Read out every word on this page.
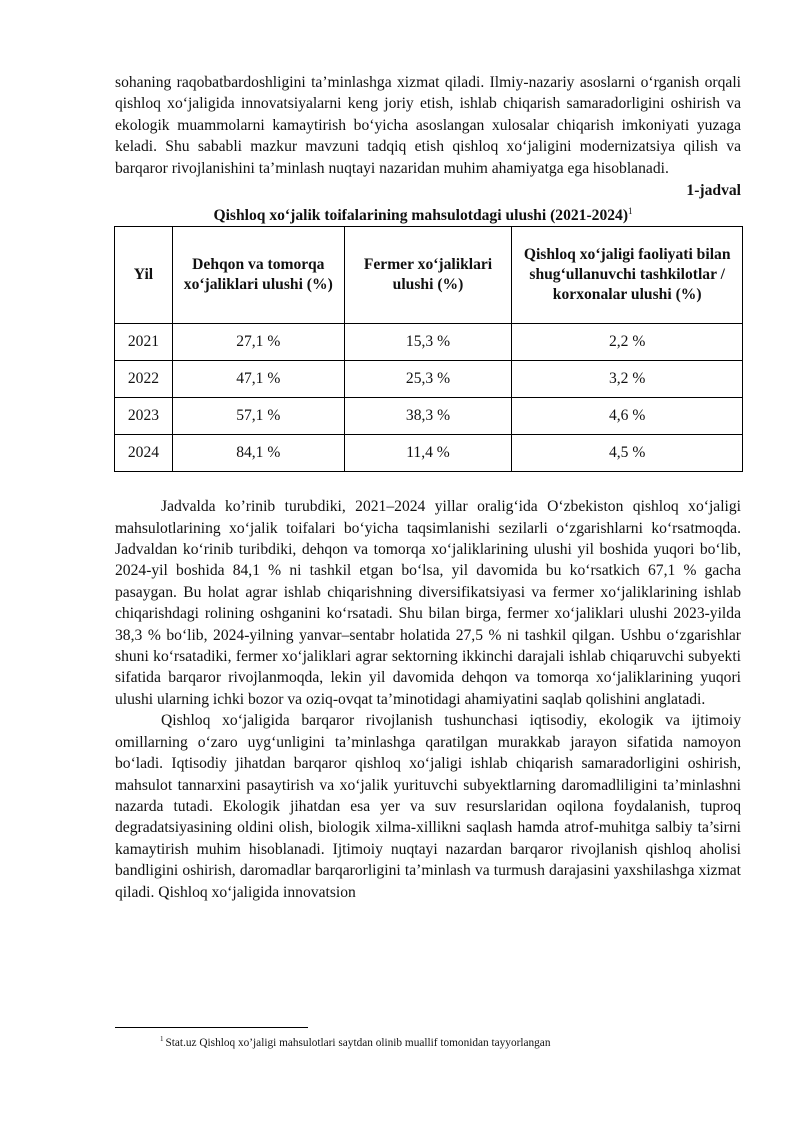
sohaning raqobatbardoshligini ta’minlashga xizmat qiladi. Ilmiy-nazariy asoslarni o‘rganish orqali qishloq xo‘jaligida innovatsiyalarni keng joriy etish, ishlab chiqarish samaradorligini oshirish va ekologik muammolarni kamaytirish bo‘yicha asoslangan xulosalar chiqarish imkoniyati yuzaga keladi. Shu sababli mazkur mavzuni tadqiq etish qishloq xo‘jaligini modernizatsiya qilish va barqaror rivojlanishini ta’minlash nuqtayi nazaridan muhim ahamiyatga ega hisoblanadi.

1-jadval
Qishloq xo‘jalik toifalarining mahsulotdagi ulushi (2021-2024)$^1$
Yil	Dehqon va tomorqa xo‘jaliklari ulushi (%)	Fermer xo‘jaliklari ulushi (%)	Qishloq xo‘jaligi faoliyati bilan shug‘ullanuvchi tashkilotlar / korxonalar ulushi (%)
2021	27,1 %	15,3 %	2,2 %
2022	47,1 %	25,3 %	3,2 %
2023	57,1 %	38,3 %	4,6 %
2024	84,1 %	11,4 %	4,5 %

Jadvalda ko’rinib turubdiki, 2021–2024 yillar oralig‘ida O‘zbekiston qishloq xo‘jaligi mahsulotlarining xo‘jalik toifalari bo‘yicha taqsimlanishi sezilarli o‘zgarishlarni ko‘rsatmoqda. Jadvaldan ko‘rinib turibdiki, dehqon va tomorqa xo‘jaliklarining ulushi yil boshida yuqori bo‘lib, 2024-yil boshida 84,1 % ni tashkil etgan bo‘lsa, yil davomida bu ko‘rsatkich 67,1 % gacha pasaygan. Bu holat agrar ishlab chiqarishning diversifikatsiyasi va fermer xo‘jaliklarining ishlab chiqarishdagi rolining oshganini ko‘rsatadi. Shu bilan birga, fermer xo‘jaliklari ulushi 2023-yilda 38,3 % bo‘lib, 2024-yilning yanvar–sentabr holatida 27,5 % ni tashkil qilgan. Ushbu o‘zgarishlar shuni ko‘rsatadiki, fermer xo‘jaliklari agrar sektorning ikkinchi darajali ishlab chiqaruvchi subyekti sifatida barqaror rivojlanmoqda, lekin yil davomida dehqon va tomorqa xo‘jaliklarining yuqori ulushi ularning ichki bozor va oziq-ovqat ta’minotidagi ahamiyatini saqlab qolishini anglatadi.

Qishloq xo‘jaligida barqaror rivojlanish tushunchasi iqtisodiy, ekologik va ijtimoiy omillarning o‘zaro uyg‘unligini ta’minlashga qaratilgan murakkab jarayon sifatida namoyon bo‘ladi. Iqtisodiy jihatdan barqaror qishloq xo‘jaligi ishlab chiqarish samaradorligini oshirish, mahsulot tannarxini pasaytirish va xo‘jalik yurituvchi subyektlarning daromadliligini ta’minlashni nazarda tutadi. Ekologik jihatdan esa yer va suv resurslaridan oqilona foydalanish, tuproq degradatsiyasining oldini olish, biologik xilma-xillikni saqlash hamda atrof-muhitga salbiy ta’sirni kamaytirish muhim hisoblanadi. Ijtimoiy nuqtayi nazardan barqaror rivojlanish qishloq aholisi bandligini oshirish, daromadlar barqarorligini ta’minlash va turmush darajasini yaxshilashga xizmat qiladi. Qishloq xo‘jaligida innovatsion

$^1$ Stat.uz Qishloq xo’jaligi mahsulotlari saytdan olinib muallif tomonidan tayyorlangan
